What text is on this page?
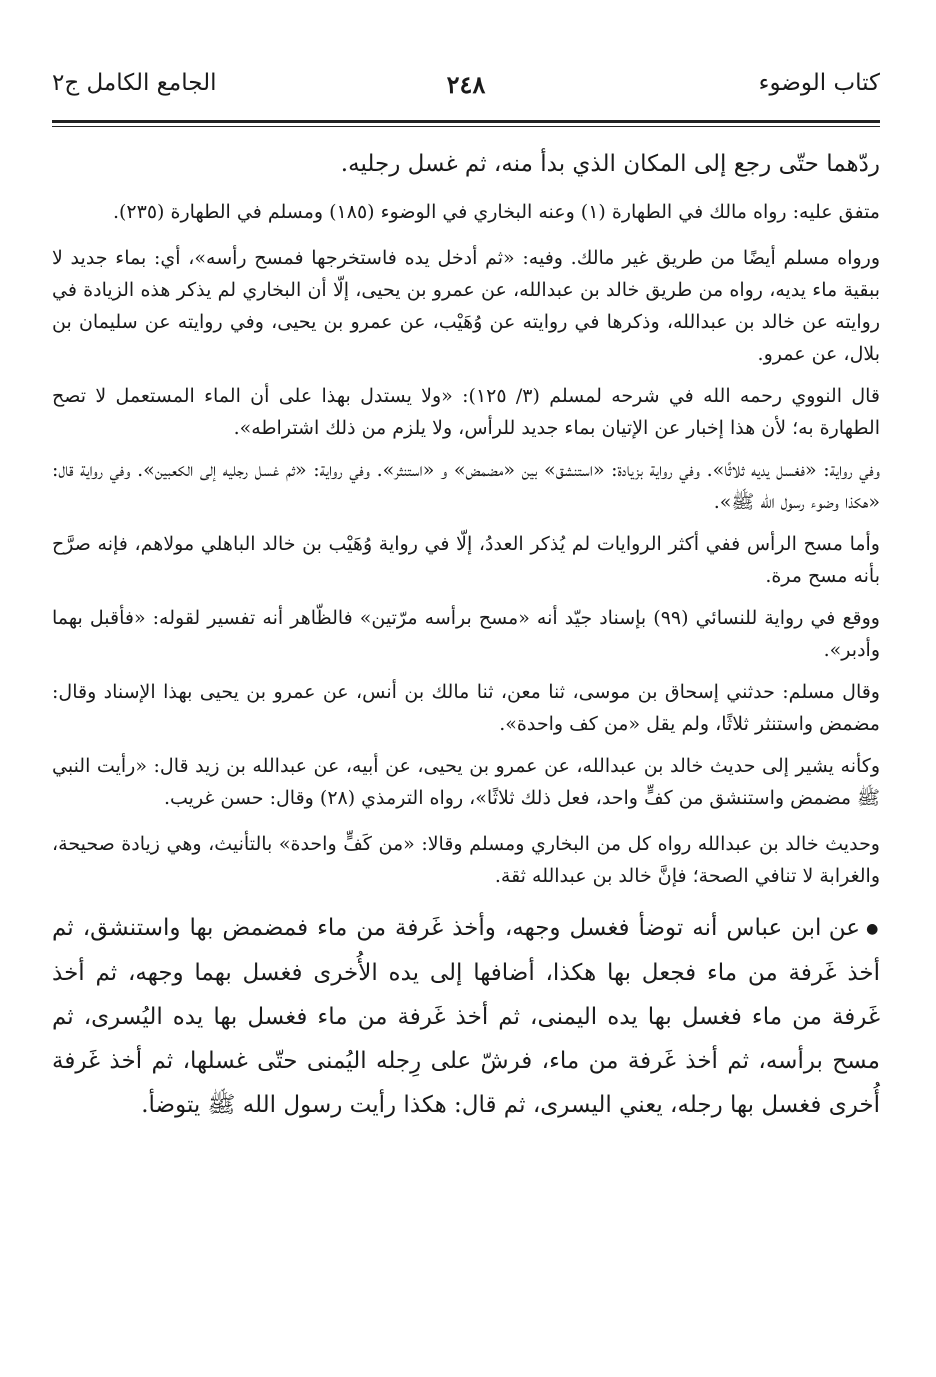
كتاب الوضوء
٢٤٨
الجامع الكامل ج٢

ردّهما حتّى رجع إلى المكان الذي بدأ منه، ثم غسل رجليه.

متفق عليه: رواه مالك في الطهارة (١) وعنه البخاري في الوضوء (١٨٥) ومسلم في الطهارة (٢٣٥).

ورواه مسلم أيضًا من طريق غير مالك. وفيه: «ثم أدخل يده فاستخرجها فمسح رأسه»، أي: بماء جديد لا ببقية ماء يديه، رواه من طريق خالد بن عبدالله، عن عمرو بن يحيى، إلّا أن البخاري لم يذكر هذه الزيادة في روايته عن خالد بن عبدالله، وذكرها في روايته عن وُهَيْب، عن عمرو بن يحيى، وفي روايته عن سليمان بن بلال، عن عمرو.

قال النووي رحمه الله في شرحه لمسلم (٣/ ١٢٥): «ولا يستدل بهذا على أن الماء المستعمل لا تصح الطهارة به؛ لأن هذا إخبار عن الإتيان بماء جديد للرأس، ولا يلزم من ذلك اشتراطه».

وفي رواية: «فغسل يديه ثلاثًا». وفي رواية بزيادة: «استنشق» بين «مضمض» و «استنثر». وفي رواية: «ثم غسل رجليه إلى الكعبين». وفي رواية قال: «هكذا وضوء رسول الله ﷺ».

وأما مسح الرأس ففي أكثر الروايات لم يُذكر العددُ، إلّا في رواية وُهَيْب بن خالد الباهلي مولاهم، فإنه صرَّح بأنه مسح مرة.

ووقع في رواية للنسائي (٩٩) بإسناد جيّد أنه «مسح برأسه مرّتين» فالظّاهر أنه تفسير لقوله: «فأقبل بهما وأدبر».

وقال مسلم: حدثني إسحاق بن موسى، ثنا معن، ثنا مالك بن أنس، عن عمرو بن يحيى بهذا الإسناد وقال: مضمض واستنثر ثلاثًا، ولم يقل «من كف واحدة».

وكأنه يشير إلى حديث خالد بن عبدالله، عن عمرو بن يحيى، عن أبيه، عن عبدالله بن زيد قال: «رأيت النبي ﷺ مضمض واستنشق من كفٍّ واحد، فعل ذلك ثلاثًا»، رواه الترمذي (٢٨) وقال: حسن غريب.

وحديث خالد بن عبدالله رواه كل من البخاري ومسلم وقالا: «من كَفٍّ واحدة» بالتأنيث، وهي زيادة صحيحة، والغرابة لا تنافي الصحة؛ فإنَّ خالد بن عبدالله ثقة.

● عن ابن عباس أنه توضأ فغسل وجهه، وأخذ غَرفة من ماء فمضمض بها واستنشق، ثم أخذ غَرفة من ماء فجعل بها هكذا، أضافها إلى يده الأُخرى فغسل بهما وجهه، ثم أخذ غَرفة من ماء فغسل بها يده اليمنى، ثم أخذ غَرفة من ماء فغسل بها يده اليُسرى، ثم مسح برأسه، ثم أخذ غَرفة من ماء، فرشّ على رِجله اليُمنى حتّى غسلها، ثم أخذ غَرفة أُخرى فغسل بها رجله، يعني اليسرى، ثم قال: هكذا رأيت رسول الله ﷺ يتوضأ.
